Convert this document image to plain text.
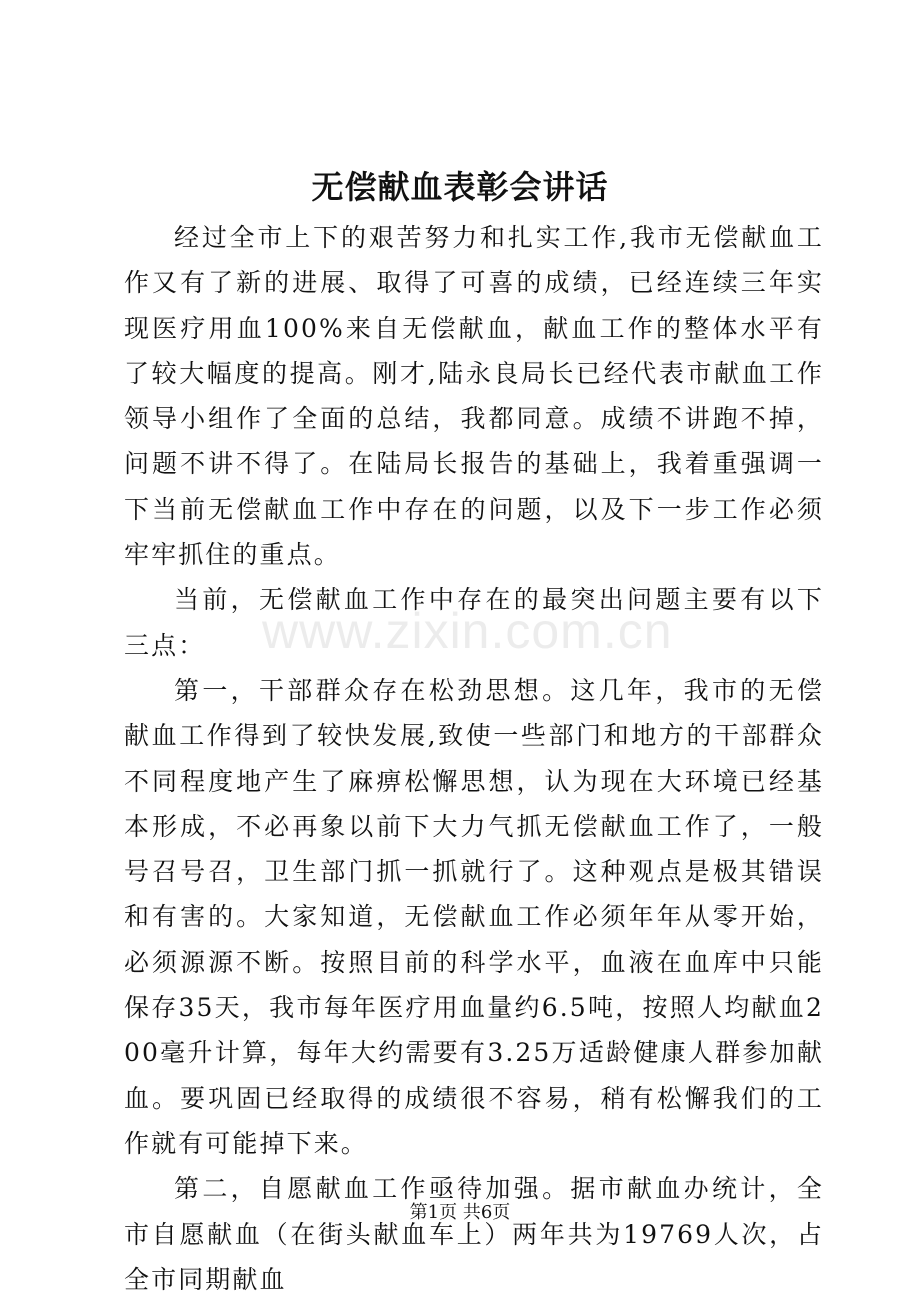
无偿献血表彰会讲话

经过全市上下的艰苦努力和扎实工作,我市无偿献血工作又有了新的进展、取得了可喜的成绩，已经连续三年实现医疗用血100%来自无偿献血，献血工作的整体水平有了较大幅度的提高。刚才,陆永良局长已经代表市献血工作领导小组作了全面的总结，我都同意。成绩不讲跑不掉，问题不讲不得了。在陆局长报告的基础上，我着重强调一下当前无偿献血工作中存在的问题，以及下一步工作必须牢牢抓住的重点。

当前，无偿献血工作中存在的最突出问题主要有以下三点：

第一，干部群众存在松劲思想。这几年，我市的无偿献血工作得到了较快发展,致使一些部门和地方的干部群众不同程度地产生了麻痹松懈思想，认为现在大环境已经基本形成，不必再象以前下大力气抓无偿献血工作了，一般号召号召，卫生部门抓一抓就行了。这种观点是极其错误和有害的。大家知道，无偿献血工作必须年年从零开始，必须源源不断。按照目前的科学水平，血液在血库中只能保存35天，我市每年医疗用血量约6.5吨，按照人均献血200毫升计算，每年大约需要有3.25万适龄健康人群参加献血。要巩固已经取得的成绩很不容易，稍有松懈我们的工作就有可能掉下来。

第二，自愿献血工作亟待加强。据市献血办统计，全市自愿献血（在街头献血车上）两年共为19769人次，占全市同期献血

www.zixin.com.cn
第1页 共6页
